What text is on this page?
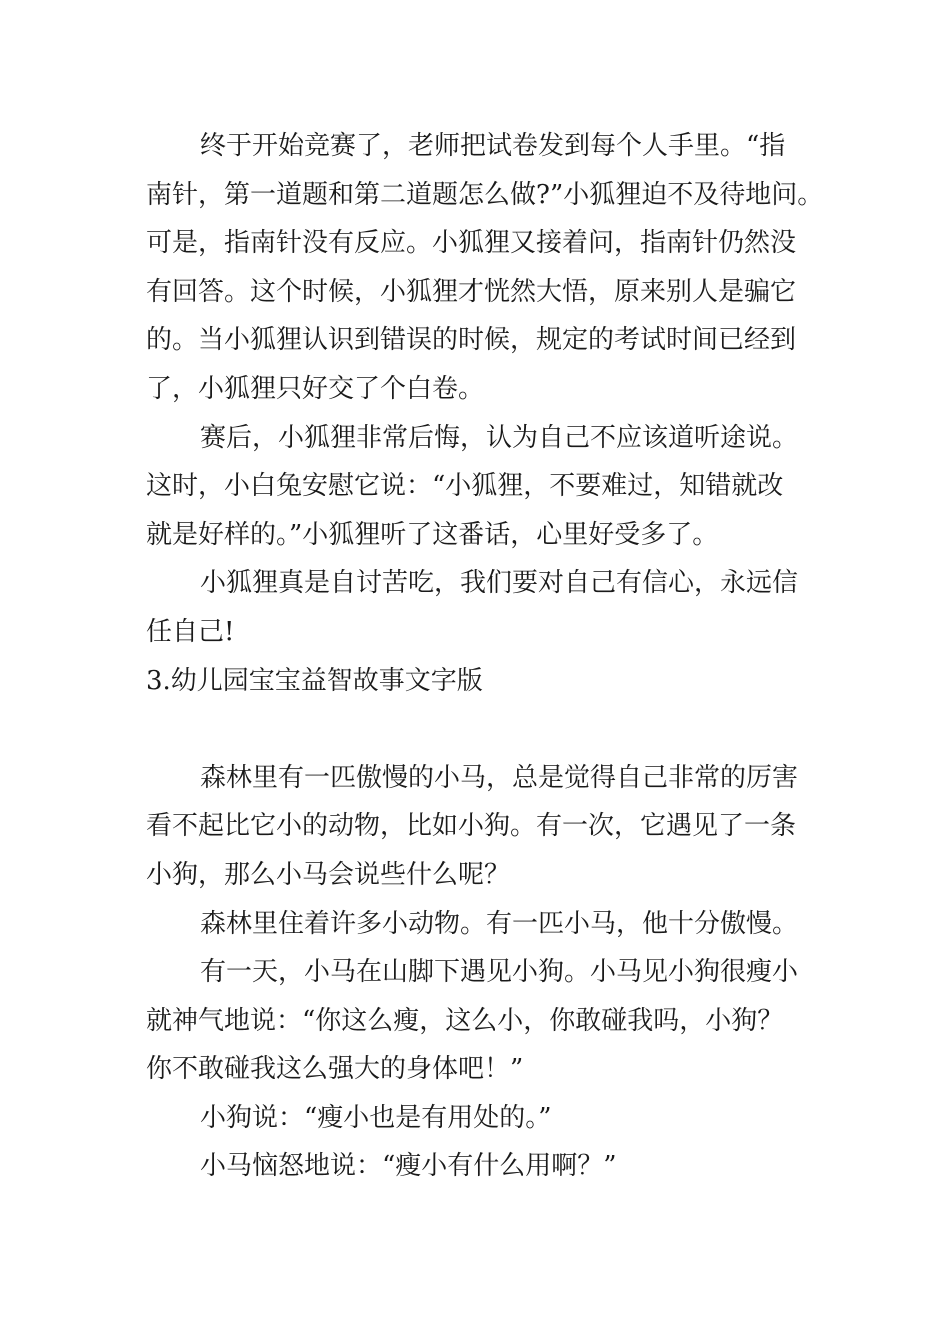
终于开始竞赛了，老师把试卷发到每个人手里。“指
南针，第一道题和第二道题怎么做?”小狐狸迫不及待地问。
可是，指南针没有反应。小狐狸又接着问，指南针仍然没
有回答。这个时候，小狐狸才恍然大悟，原来别人是骗它
的。当小狐狸认识到错误的时候，规定的考试时间已经到
了，小狐狸只好交了个白卷。
赛后，小狐狸非常后悔，认为自己不应该道听途说。
这时，小白兔安慰它说：“小狐狸，不要难过，知错就改
就是好样的。”小狐狸听了这番话，心里好受多了。
小狐狸真是自讨苦吃，我们要对自己有信心，永远信
任自己!
3.幼儿园宝宝益智故事文字版
森林里有一匹傲慢的小马，总是觉得自己非常的厉害
看不起比它小的动物，比如小狗。有一次，它遇见了一条
小狗，那么小马会说些什么呢？
森林里住着许多小动物。有一匹小马，他十分傲慢。
有一天，小马在山脚下遇见小狗。小马见小狗很瘦小
就神气地说：“你这么瘦，这么小，你敢碰我吗，小狗？
你不敢碰我这么强大的身体吧！”
小狗说：“瘦小也是有用处的。”
小马恼怒地说：“瘦小有什么用啊？”
